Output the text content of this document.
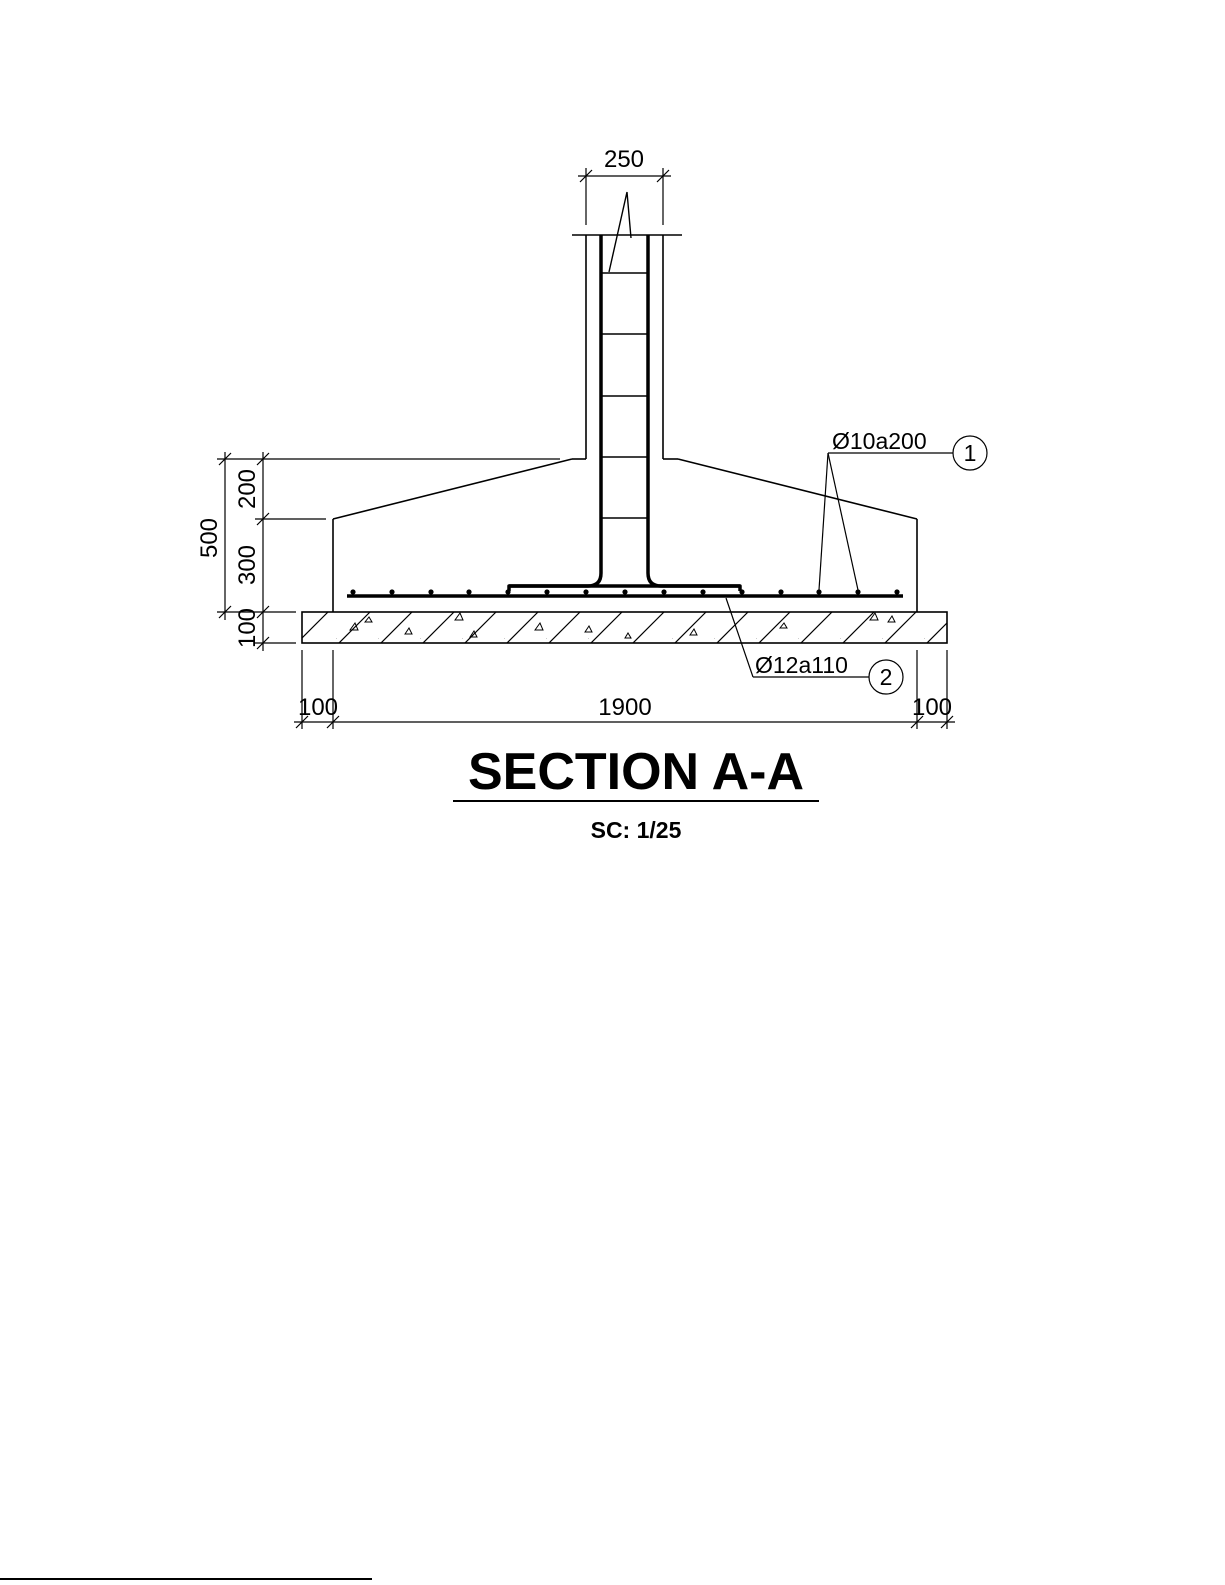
250
500
200
300
100
100	1900	100
Ø10a200 1
Ø12a110 2
SECTION A-A
SC: 1/25
